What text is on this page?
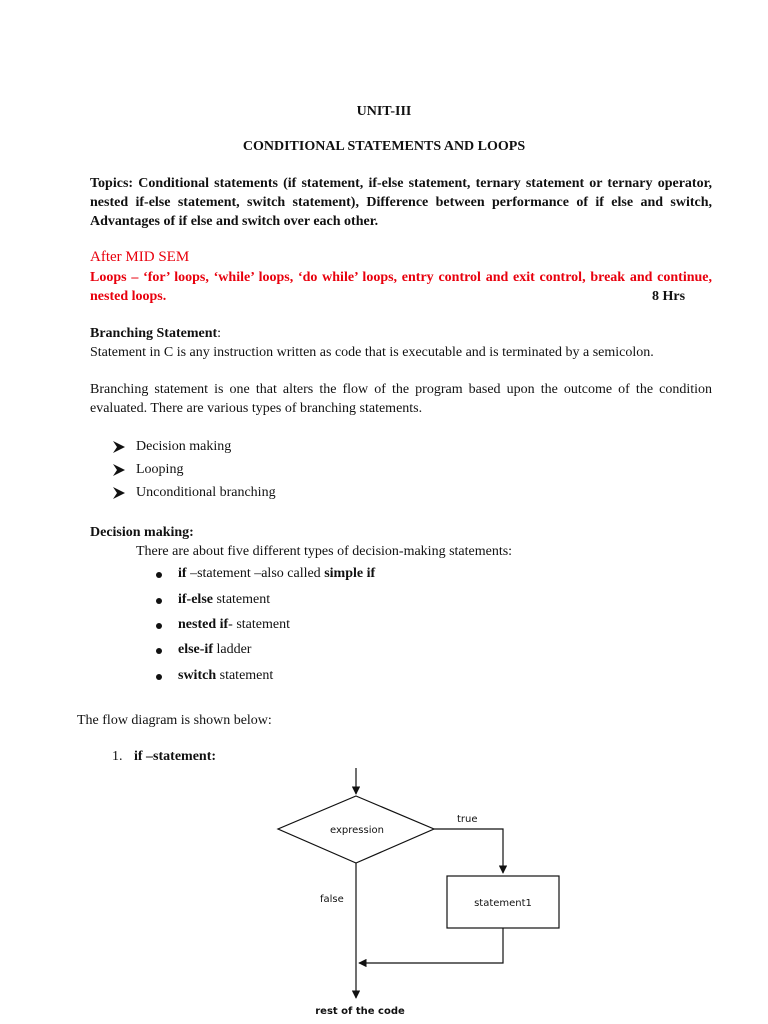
UNIT-III
CONDITIONAL STATEMENTS AND LOOPS
Topics: Conditional statements (if statement, if-else statement, ternary statement or ternary operator, nested if-else statement, switch statement), Difference between performance of if else and switch, Advantages of if else and switch over each other.
After MID SEM
Loops – ‘for’ loops, ‘while’ loops, ‘do while’ loops, entry control and exit control, break and continue, nested loops.	8 Hrs
Branching Statement:
Statement in C is any instruction written as code that is executable and is terminated by a semicolon.
Branching statement is one that alters the flow of the program based upon the outcome of the condition evaluated. There are various types of branching statements.
Decision making
Looping
Unconditional branching
Decision making:
There are about five different types of decision-making statements:
if –statement –also called simple if
if-else statement
nested if- statement
else-if ladder
switch statement
The flow diagram is shown below:
1. if –statement:
expression
true
statement1
false
rest of the code
